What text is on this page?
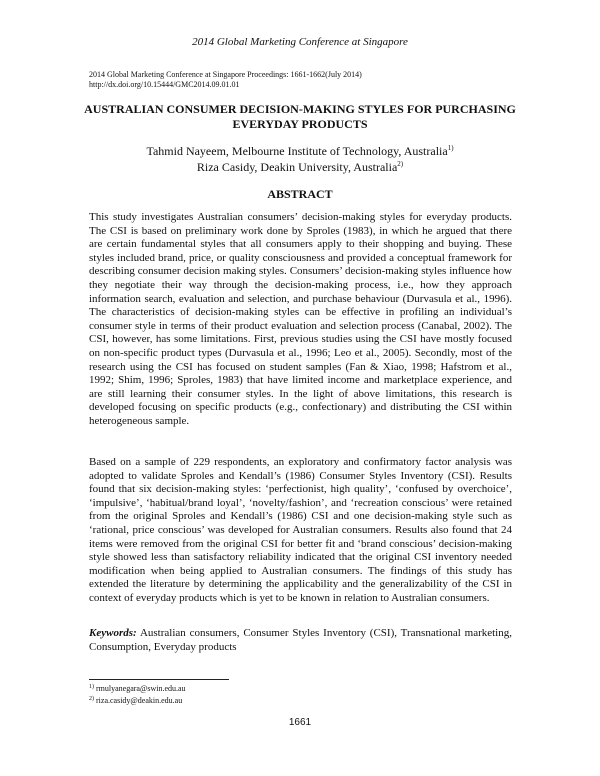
2014 Global Marketing Conference at Singapore
2014 Global Marketing Conference at Singapore Proceedings: 1661-1662(July 2014)
http://dx.doi.org/10.15444/GMC2014.09.01.01
AUSTRALIAN CONSUMER DECISION-MAKING STYLES FOR PURCHASING
EVERYDAY PRODUCTS
Tahmid Nayeem, Melbourne Institute of Technology, Australia$^{1)}$
Riza Casidy, Deakin University, Australia$^{2)}$
ABSTRACT

This study investigates Australian consumers’ decision-making styles for everyday products. The CSI is based on preliminary work done by Sproles (1983), in which he argued that there are certain fundamental styles that all consumers apply to their shopping and buying. These styles included brand, price, or quality consciousness and provided a conceptual framework for describing consumer decision making styles. Consumers’ decision-making styles influence how they negotiate their way through the decision-making process, i.e., how they approach information search, evaluation and selection, and purchase behaviour (Durvasula et al., 1996). The characteristics of decision-making styles can be effective in profiling an individual’s consumer style in terms of their product evaluation and selection process (Canabal, 2002). The CSI, however, has some limitations. First, previous studies using the CSI have mostly focused on non-specific product types (Durvasula et al., 1996; Leo et al., 2005). Secondly, most of the research using the CSI has focused on student samples (Fan & Xiao, 1998; Hafstrom et al., 1992; Shim, 1996; Sproles, 1983) that have limited income and marketplace experience, and are still learning their consumer styles. In the light of above limitations, this research is developed focusing on specific products (e.g., confectionary) and distributing the CSI within heterogeneous sample.

Based on a sample of 229 respondents, an exploratory and confirmatory factor analysis was adopted to validate Sproles and Kendall’s (1986) Consumer Styles Inventory (CSI). Results found that six decision-making styles: ‘perfectionist, high quality’, ‘confused by overchoice’, ‘impulsive’, ‘habitual/brand loyal’, ‘novelty/fashion’, and ‘recreation conscious’ were retained from the original Sproles and Kendall’s (1986) CSI and one decision-making style such as ‘rational, price conscious’ was developed for Australian consumers. Results also found that 24 items were removed from the original CSI for better fit and ‘brand conscious’ decision-making style showed less than satisfactory reliability indicated that the original CSI inventory needed modification when being applied to Australian consumers. The findings of this study has extended the literature by determining the applicability and the generalizability of the CSI in context of everyday products which is yet to be known in relation to Australian consumers.

Keywords: Australian consumers, Consumer Styles Inventory (CSI), Transnational marketing, Consumption, Everyday products

$^{1)}$ rmulyanegara@swin.edu.au
$^{2)}$ riza.casidy@deakin.edu.au
1661
